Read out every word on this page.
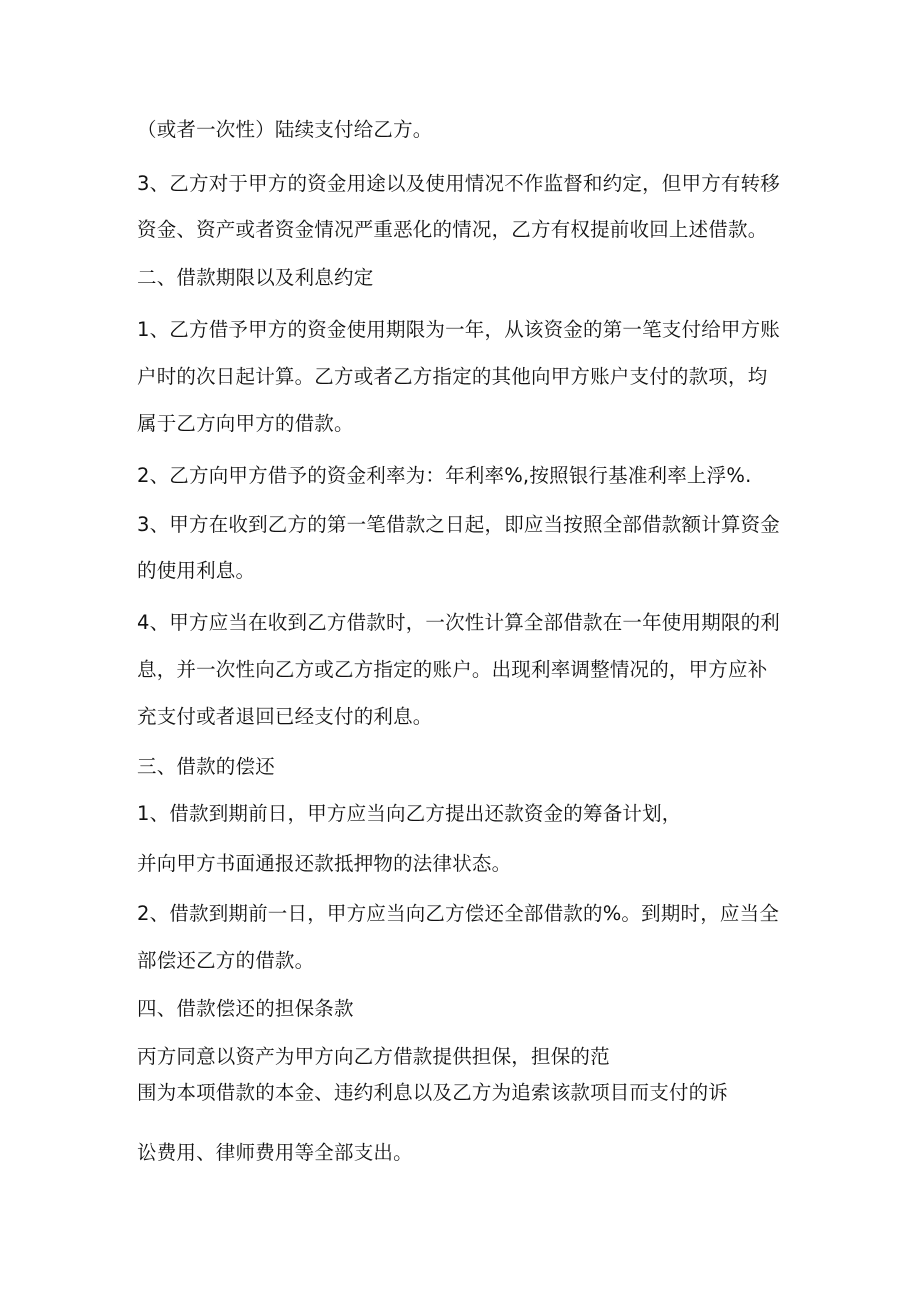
（或者一次性）陆续支付给乙方。
3、乙方对于甲方的资金用途以及使用情况不作监督和约定，但甲方有转移
资金、资产或者资金情况严重恶化的情况，乙方有权提前收回上述借款。
二、借款期限以及利息约定
1、乙方借予甲方的资金使用期限为一年，从该资金的第一笔支付给甲方账
户时的次日起计算。乙方或者乙方指定的其他向甲方账户支付的款项，均
属于乙方向甲方的借款。
2、乙方向甲方借予的资金利率为：年利率%,按照银行基准利率上浮%.
3、甲方在收到乙方的第一笔借款之日起，即应当按照全部借款额计算资金
的使用利息。
4、甲方应当在收到乙方借款时，一次性计算全部借款在一年使用期限的利
息，并一次性向乙方或乙方指定的账户。出现利率调整情况的，甲方应补
充支付或者退回已经支付的利息。
三、借款的偿还
1、借款到期前日，甲方应当向乙方提出还款资金的筹备计划，
并向甲方书面通报还款抵押物的法律状态。
2、借款到期前一日，甲方应当向乙方偿还全部借款的%。到期时，应当全
部偿还乙方的借款。
四、借款偿还的担保条款
丙方同意以资产为甲方向乙方借款提供担保，担保的范
围为本项借款的本金、违约利息以及乙方为追索该款项目而支付的诉
讼费用、律师费用等全部支出。
